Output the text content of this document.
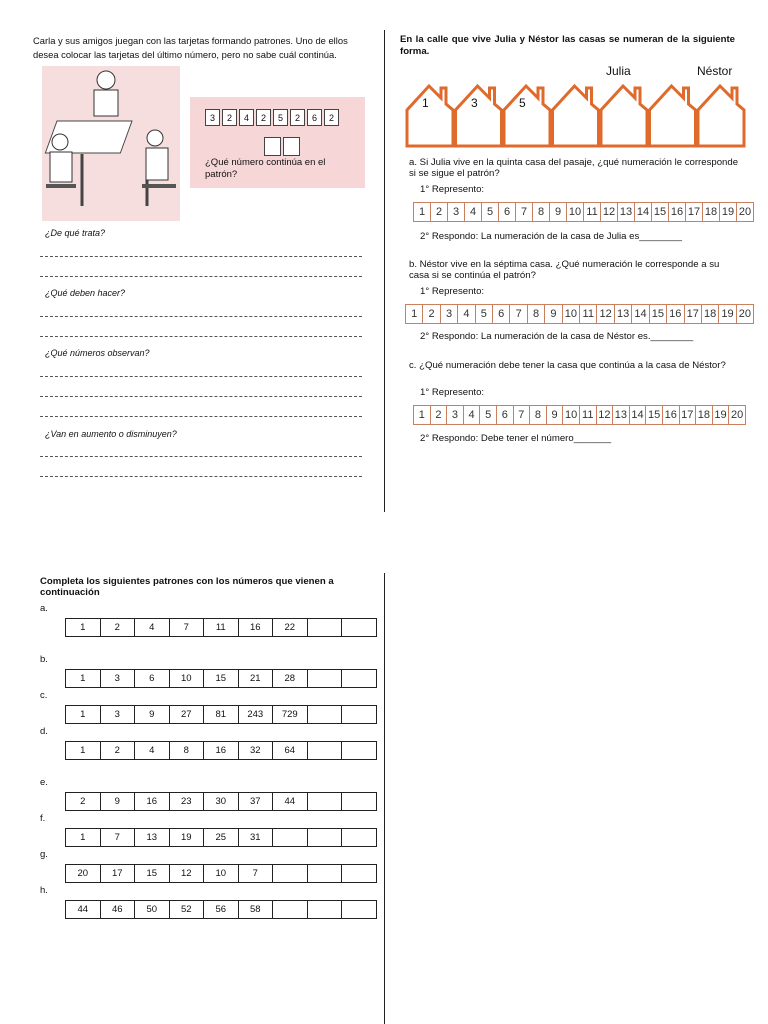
Carla y sus amigos juegan con las tarjetas formando patrones. Uno de ellos desea colocar las tarjetas del último número, pero no sabe cuál continúa.
3	2	4	2	5	2	6	2
¿Qué número continúa en el patrón?
¿De qué trata?
¿Qué deben hacer?
¿Qué números observan?
¿Van en aumento o disminuyen?
En la calle que vive Julia y Néstor las casas se numeran de la siguiente forma.
Julia	Néstor
1	3	5
a. Si Julia vive en la quinta casa del pasaje, ¿qué numeración le corresponde si se sigue el patrón?
1° Represento:
1 2 3 4 5 6 7 8 9 10 11 12 13 14 15 16 17 18 19 20
2° Respondo: La numeración de la casa de Julia es________
b. Néstor vive en la séptima casa. ¿Qué numeración le corresponde a su casa si se continúa el patrón?
1° Represento:
1	2	3	4	5	6	7	8	9 10 11 12 13 14 15 16 17 18 19 20
2° Respondo: La numeración de la casa de Néstor es.________
c. ¿Qué numeración debe tener la casa que continúa a la casa de Néstor?
1° Represento:
1 2 3 4 5 6 7 8 9 10 11 12 13 14 15 16 17 18 19 20
2° Respondo: Debe tener el número_______
Completa los siguientes patrones con los números que vienen a continuación
a.
1	2	4	7	11	16	22
b.
1	3	6	10	15	21	28
c.
1	3	9	27	81	243	729
d.
1	2	4	8	16	32	64
e.
2	9	16	23	30	37	44
f.
1	7	13	19	25	31
g.
20	17	15	12	10	7
h.
44	46	50	52	56	58
